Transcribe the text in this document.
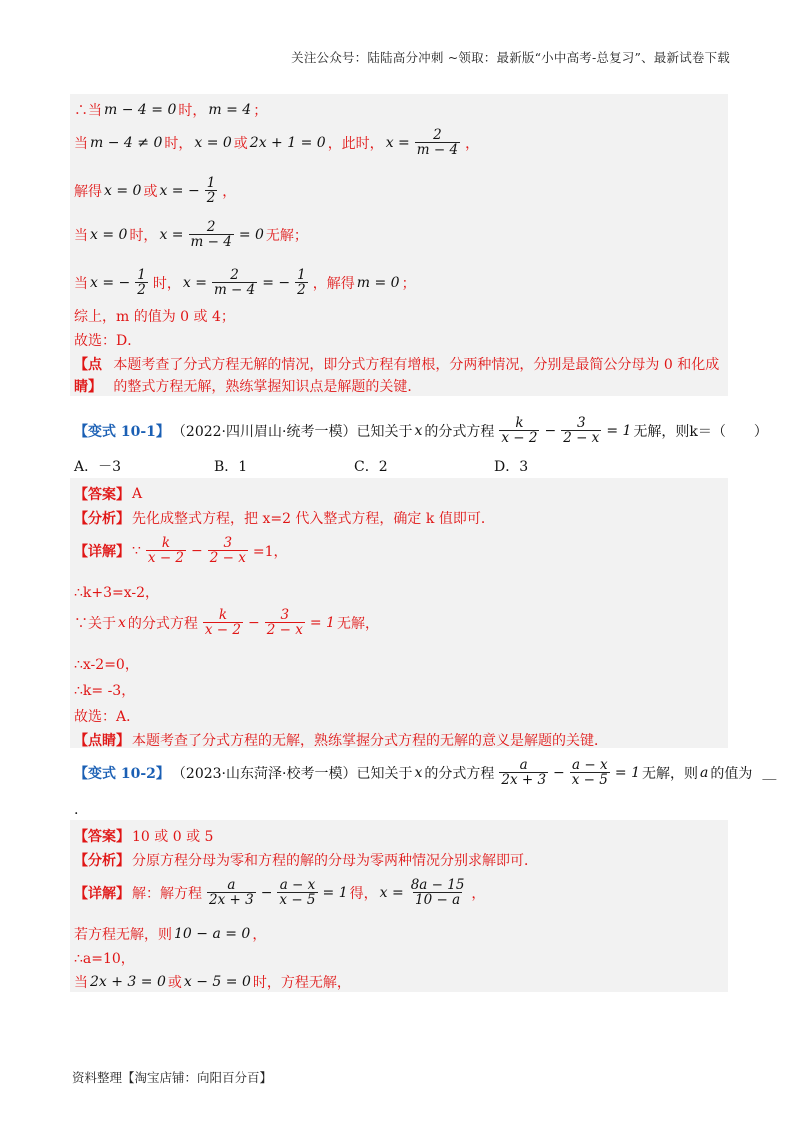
关注公众号：陆陆高分冲刺 ~领取：最新版“小中高考-总复习”、最新试卷下载
∴当 m − 4 = 0 时， m = 4 ；
当 m − 4 ≠ 0 时， x = 0 或 2x + 1 = 0 ，此时， $x = \frac{2}{m - 4}$ ，
解得 x = 0 或 x = − $\frac{1}{2}$ ，
当 x = 0 时， $x = \frac{2}{m - 4} = 0$ 无解；
当 x = − $\frac{1}{2}$ 时， $x = \frac{2}{m - 4}$ = − $\frac{1}{2}$ ，解得 m = 0 ；
综上，m 的值为 0 或 4；
故选：D．
【点睛】
本题考查了分式方程无解的情况，即分式方程有增根，分两种情况，分别是最简公分母为 0 和化成的整式方程无解，熟练掌握知识点是解题的关键．
【变式 10-1】 （2022·四川眉山·统考一模）已知关于 x 的分式方程 $\frac{k}{x - 2} - \frac{3}{2 - x} = 1$ 无解，则k＝（　　）
A．－3	B．1	C．2	D．3
【答案】 A
【分析】 先化成整式方程，把 x=2 代入整式方程，确定 k 值即可．
【详解】 ∵ $\frac{k}{x - 2} - \frac{3}{2 - x} =1$，
∴k+3=x-2，
∵关于 x 的分式方程 $\frac{k}{x - 2} - \frac{3}{2 - x} = 1$ 无解，
∴x-2=0，
∴k= -3，
故选：A．
【点睛】 本题考查了分式方程的无解，熟练掌握分式方程的无解的意义是解题的关键．
【变式 10-2】 （2023·山东菏泽·校考一模）已知关于 x 的分式方程 $\frac{a}{2x + 3} - \frac{a - x}{x - 5} = 1$ 无解，则 a 的值为 ＿
.
【答案】 10 或 0 或 5
【分析】 分原方程分母为零和方程的解的分母为零两种情况分别求解即可．
【详解】 解：解方程 $\frac{a}{2x + 3} - \frac{a - x}{x - 5} = 1$ 得， $x = \frac{8a - 15}{10 - a}$ ，
若方程无解，则 10 − a = 0 ，
∴a=10，
当 2x + 3 = 0 或 x − 5 = 0 时，方程无解，
资料整理【淘宝店铺：向阳百分百】
